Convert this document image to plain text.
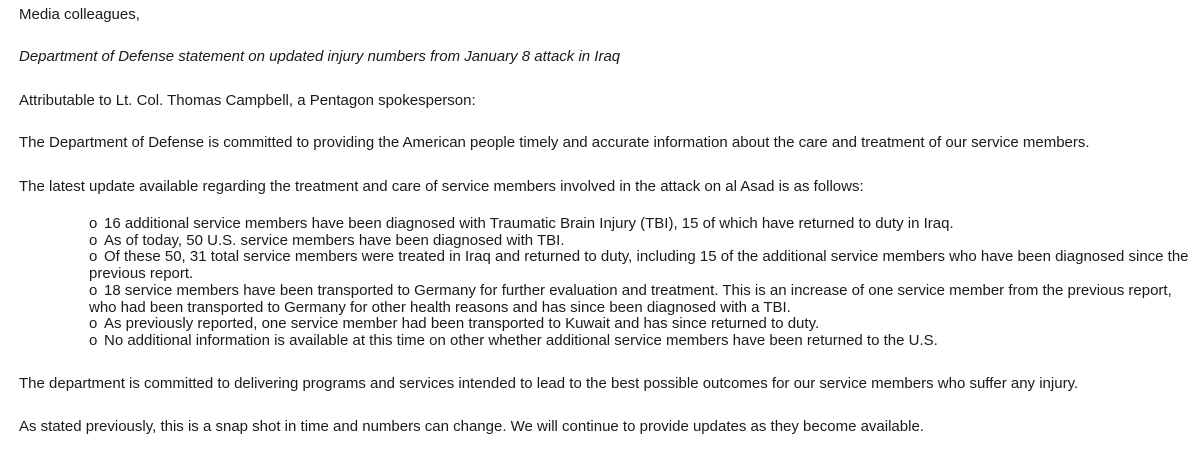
Media colleagues,
Department of Defense statement on updated injury numbers from January 8 attack in Iraq
Attributable to Lt. Col. Thomas Campbell, a Pentagon spokesperson:
The Department of Defense is committed to providing the American people timely and accurate information about the care and treatment of our service members.
The latest update available regarding the treatment and care of service members involved in the attack on al Asad is as follows:
o 16 additional service members have been diagnosed with Traumatic Brain Injury (TBI), 15 of which have returned to duty in Iraq.
o As of today, 50 U.S. service members have been diagnosed with TBI.
o Of these 50, 31 total service members were treated in Iraq and returned to duty, including 15 of the additional service members who have been diagnosed since the previous report.
o 18 service members have been transported to Germany for further evaluation and treatment. This is an increase of one service member from the previous report, who had been transported to Germany for other health reasons and has since been diagnosed with a TBI.
o As previously reported, one service member had been transported to Kuwait and has since returned to duty.
o No additional information is available at this time on other whether additional service members have been returned to the U.S.
The department is committed to delivering programs and services intended to lead to the best possible outcomes for our service members who suffer any injury.
As stated previously, this is a snap shot in time and numbers can change. We will continue to provide updates as they become available.
